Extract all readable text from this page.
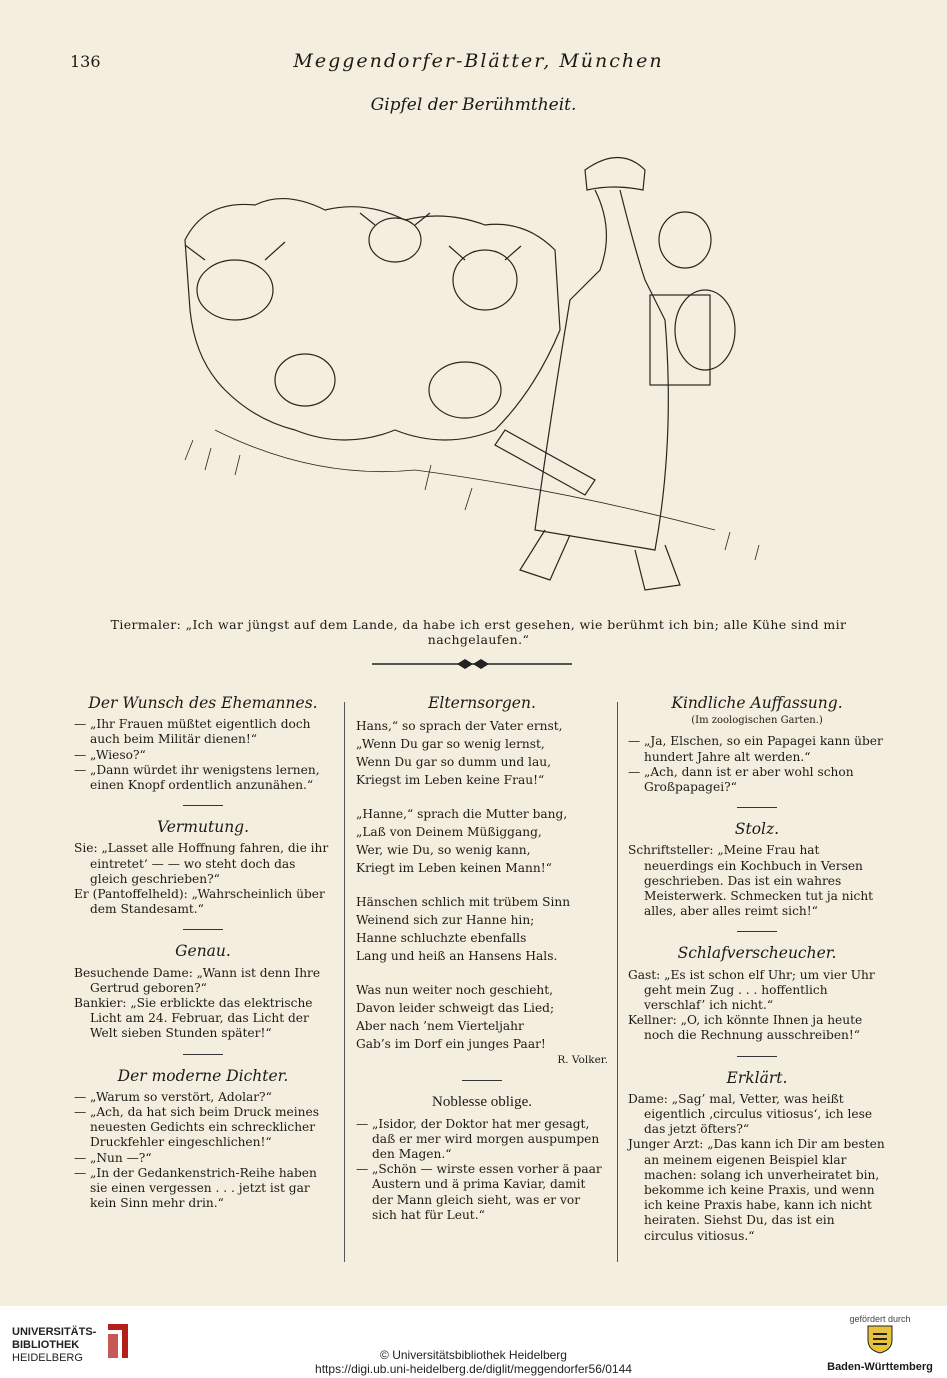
136	Meggendorfer-Blätter, München
Gipfel der Berühmtheit.
Tiermaler: „Ich war jüngst auf dem Lande, da habe ich erst gesehen, wie berühmt ich bin; alle Kühe sind mir nachgelaufen.“
Der Wunsch des Ehemannes.

— „Ihr Frauen müßtet eigentlich doch auch beim Militär dienen!“

— „Wieso?“

— „Dann würdet ihr wenigstens lernen, einen Knopf ordentlich anzunähen.“

Vermutung.

Sie: „Lasset alle Hoffnung fahren, die ihr eintretet‘ — — wo steht doch das gleich geschrieben?“

Er (Pantoffelheld): „Wahrscheinlich über dem Standesamt.“

Genau.

Besuchende Dame: „Wann ist denn Ihre Gertrud geboren?“

Bankier: „Sie erblickte das elektrische Licht am 24. Februar, das Licht der Welt sieben Stunden später!“

Der moderne Dichter.

— „Warum so verstört, Adolar?“

— „Ach, da hat sich beim Druck meines neuesten Gedichts ein schrecklicher Druckfehler eingeschlichen!“

— „Nun —?“

— „In der Gedankenstrich-Reihe haben sie einen vergessen . . . jetzt ist gar kein Sinn mehr drin.“

Elternsorgen.

Hans,“ so sprach der Vater ernst,

„Wenn Du gar so wenig lernst,

Wenn Du gar so dumm und lau,

Kriegst im Leben keine Frau!“

„Hanne,“ sprach die Mutter bang,

„Laß von Deinem Müßiggang,

Wer, wie Du, so wenig kann,

Kriegt im Leben keinen Mann!“

Hänschen schlich mit trübem Sinn

Weinend sich zur Hanne hin;

Hanne schluchzte ebenfalls

Lang und heiß an Hansens Hals.

Was nun weiter noch geschieht,

Davon leider schweigt das Lied;

Aber nach ’nem Vierteljahr

Gab’s im Dorf ein junges Paar!

R. Volker.
Noblesse oblige.

— „Isidor, der Doktor hat mer gesagt, daß er mer wird morgen auspumpen den Magen.“

— „Schön — wirste essen vorher ä paar Austern und ä prima Kaviar, damit der Mann gleich sieht, was er vor sich hat für Leut.“

Kindliche Auffassung.
(Im zoologischen Garten.)

— „Ja, Elschen, so ein Papagei kann über hundert Jahre alt werden.“

— „Ach, dann ist er aber wohl schon Großpapagei?“

Stolz.

Schriftsteller: „Meine Frau hat neuerdings ein Kochbuch in Versen geschrieben. Das ist ein wahres Meisterwerk. Schmecken tut ja nicht alles, aber alles reimt sich!“

Schlafverscheucher.

Gast: „Es ist schon elf Uhr; um vier Uhr geht mein Zug . . . hoffentlich verschlaf’ ich nicht.“

Kellner: „O, ich könnte Ihnen ja heute noch die Rechnung ausschreiben!“

Erklärt.

Dame: „Sag’ mal, Vetter, was heißt eigentlich ‚circulus vitiosus‘, ich lese das jetzt öfters?“

Junger Arzt: „Das kann ich Dir am besten an meinem eigenen Beispiel klar machen: solang ich unverheiratet bin, bekomme ich keine Praxis, und wenn ich keine Praxis habe, kann ich nicht heiraten. Siehst Du, das ist ein circulus vitiosus.“

UNIVERSITÄTS-
BIBLIOTHEK
HEIDELBERG	© Universitätsbibliothek Heidelberg
https://digi.ub.uni-heidelberg.de/diglit/meggendorfer56/0144
gefördert durch
Baden-Württemberg
